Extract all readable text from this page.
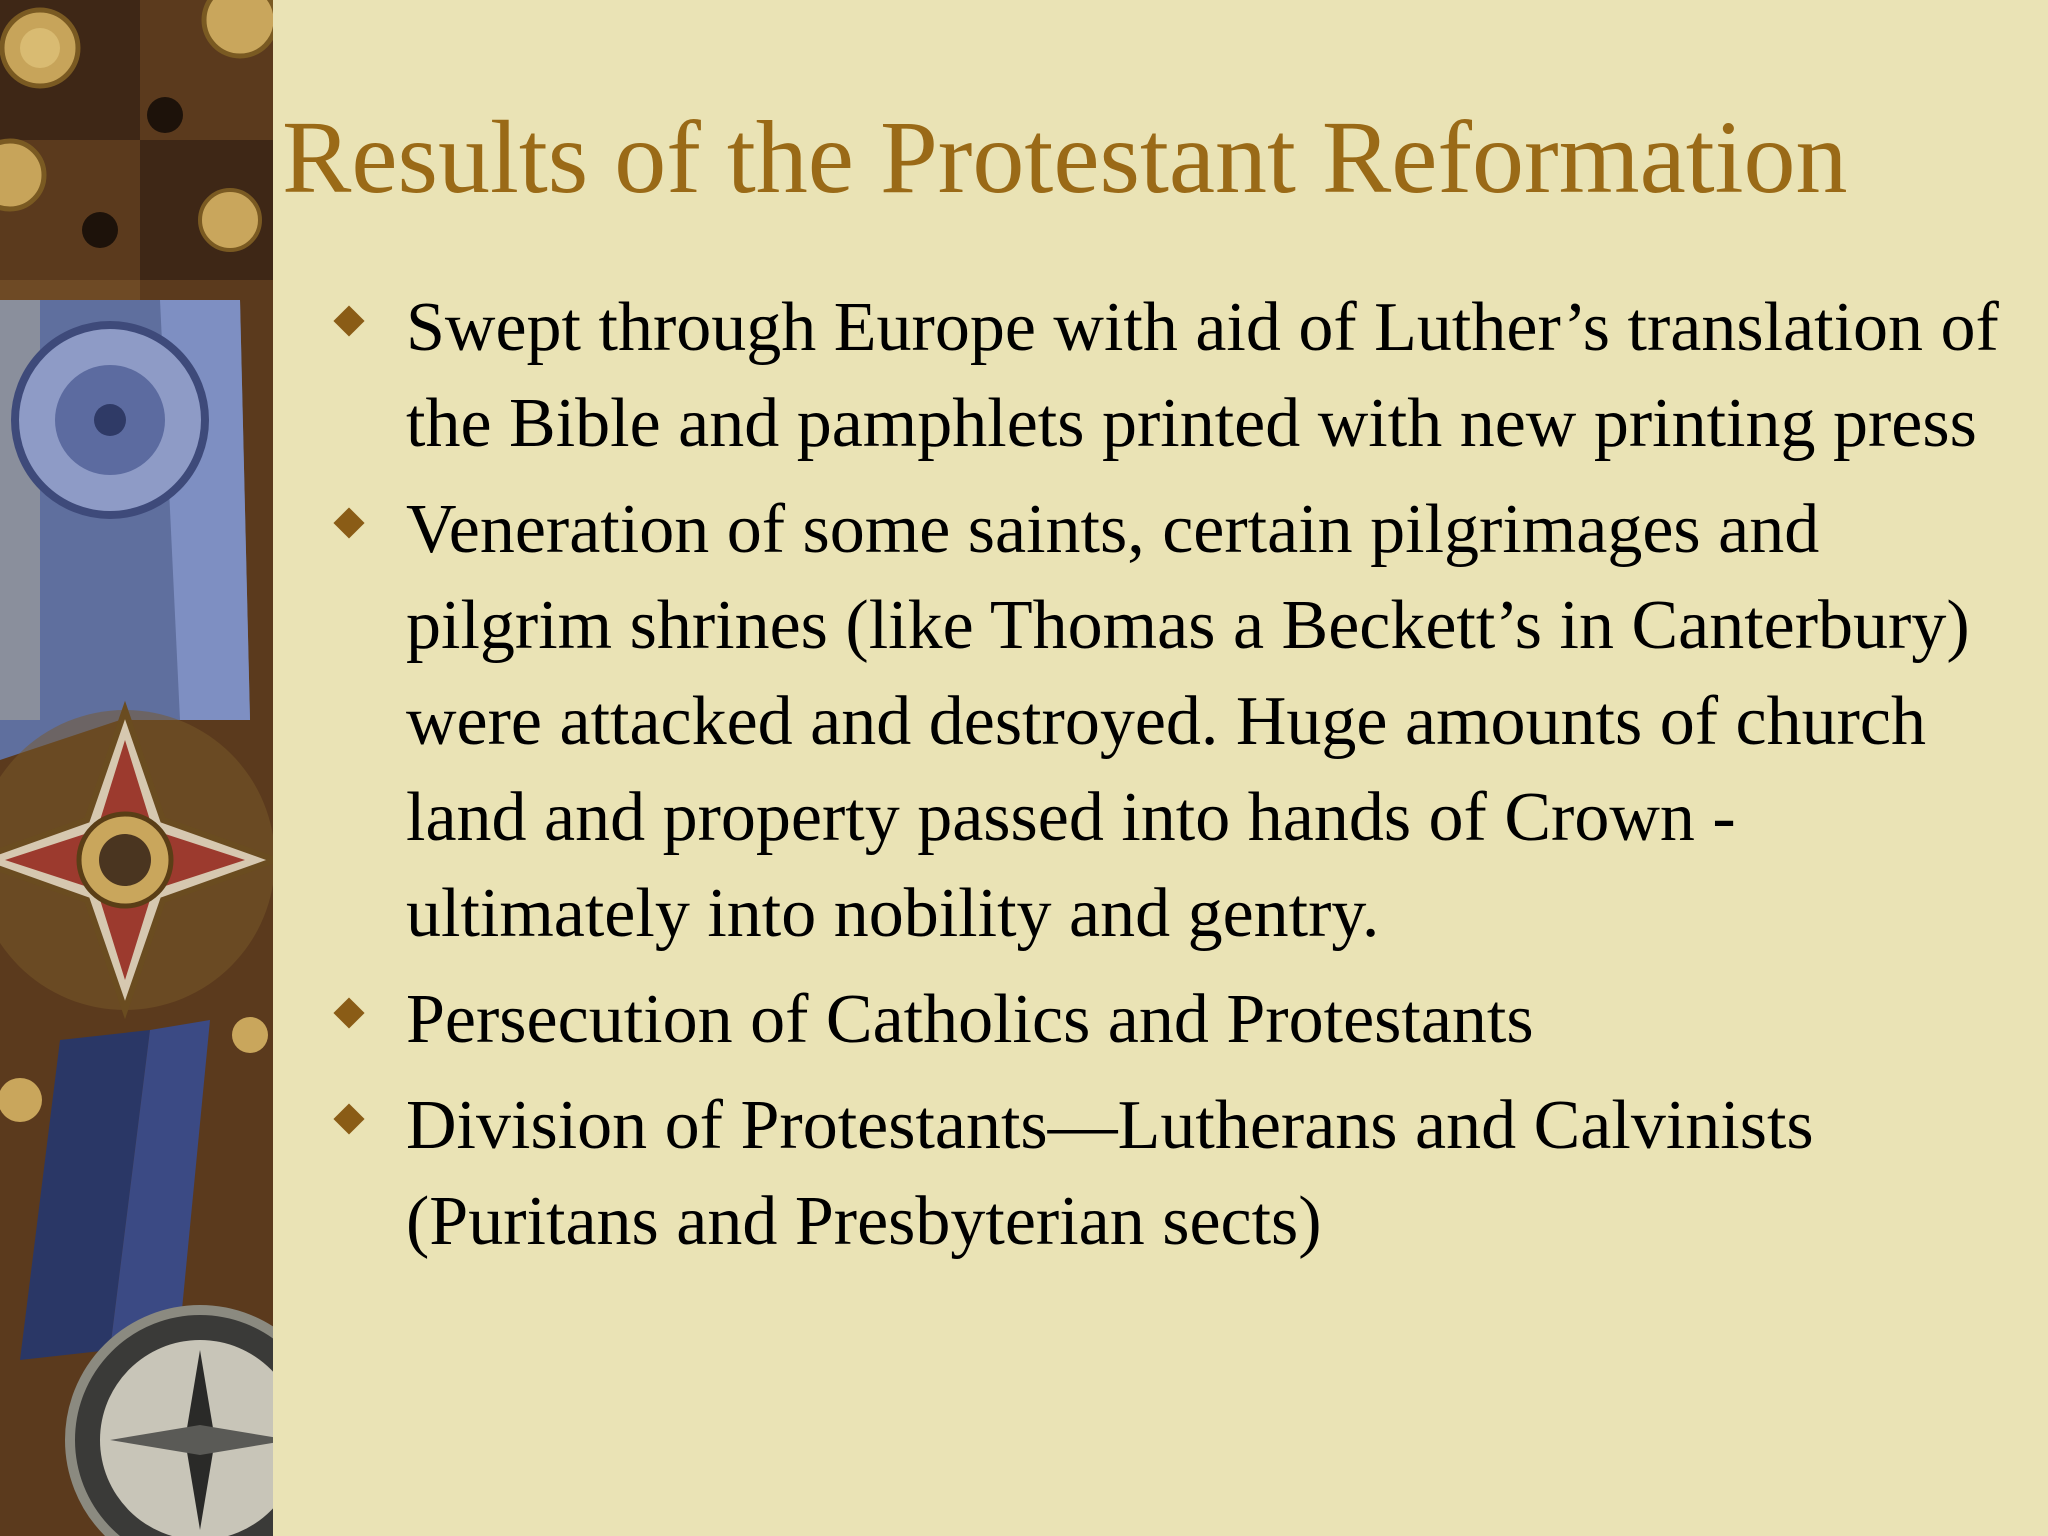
Results of the Protestant Reformation
Swept through Europe with aid of Luther’s translation of the Bible and pamphlets printed with new printing press
Veneration of some saints, certain pilgrimages and pilgrim shrines (like Thomas a Beckett’s in Canterbury) were attacked and destroyed. Huge amounts of church land and property passed into hands of Crown - ultimately into nobility and gentry.
Persecution of Catholics and Protestants
Division of Protestants—Lutherans and Calvinists (Puritans and Presbyterian sects)
